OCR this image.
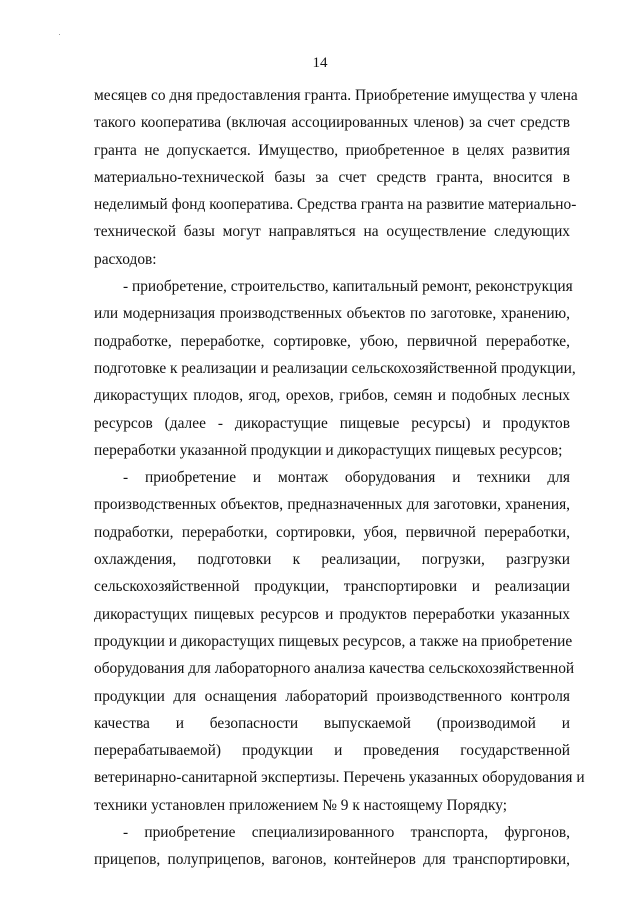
14
месяцев со дня предоставления гранта. Приобретение имущества у члена
такого кооператива (включая ассоциированных членов) за счет средств
гранта не допускается. Имущество, приобретенное в целях развития
материально-технической базы за счет средств гранта, вносится в
неделимый фонд кооператива. Средства гранта на развитие материально-
технической базы могут направляться на осуществление следующих
расходов:
- приобретение, строительство, капитальный ремонт, реконструкция
или модернизация производственных объектов по заготовке, хранению,
подработке, переработке, сортировке, убою, первичной переработке,
подготовке к реализации и реализации сельскохозяйственной продукции,
дикорастущих плодов, ягод, орехов, грибов, семян и подобных лесных
ресурсов (далее - дикорастущие пищевые ресурсы) и продуктов
переработки указанной продукции и дикорастущих пищевых ресурсов;
- приобретение и монтаж оборудования и техники для
производственных объектов, предназначенных для заготовки, хранения,
подработки, переработки, сортировки, убоя, первичной переработки,
охлаждения, подготовки к реализации, погрузки, разгрузки
сельскохозяйственной продукции, транспортировки и реализации
дикорастущих пищевых ресурсов и продуктов переработки указанных
продукции и дикорастущих пищевых ресурсов, а также на приобретение
оборудования для лабораторного анализа качества сельскохозяйственной
продукции для оснащения лабораторий производственного контроля
качества и безопасности выпускаемой (производимой и
перерабатываемой) продукции и проведения государственной
ветеринарно-санитарной экспертизы. Перечень указанных оборудования и
техники установлен приложением № 9 к настоящему Порядку;
- приобретение специализированного транспорта, фургонов,
прицепов, полуприцепов, вагонов, контейнеров для транспортировки,
